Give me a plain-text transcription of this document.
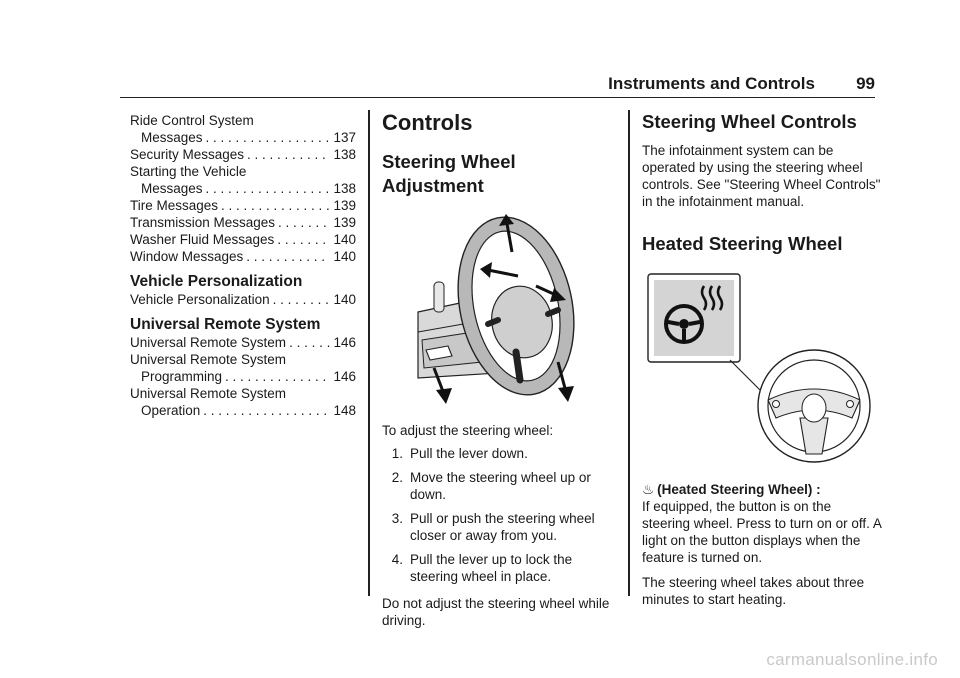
Instruments and Controls 99
Ride Control System
Messages . . .	137
Security Messages . . .	138
Starting the Vehicle
Messages . . .	138
Tire Messages . . .	139
Transmission Messages . . .	139
Washer Fluid Messages . . .	140
Window Messages . . .	140
Vehicle Personalization
Vehicle Personalization . . .	140
Universal Remote System
Universal Remote System . . .	146
Universal Remote System
Programming . . .	146
Universal Remote System
Operation . . .	148
Controls
Steering Wheel
Adjustment
To adjust the steering wheel:
1. Pull the lever down.
2. Move the steering wheel up or down.
3. Pull or push the steering wheel closer or away from you.
4. Pull the lever up to lock the steering wheel in place.
Do not adjust the steering wheel while driving.
Steering Wheel Controls
The infotainment system can be operated by using the steering wheel controls. See "Steering Wheel Controls" in the infotainment manual.
Heated Steering Wheel
♨ (Heated Steering Wheel) :
If equipped, the button is on the steering wheel. Press to turn on or off. A light on the button displays when the feature is turned on.
The steering wheel takes about three minutes to start heating.
carmanualsonline.info
